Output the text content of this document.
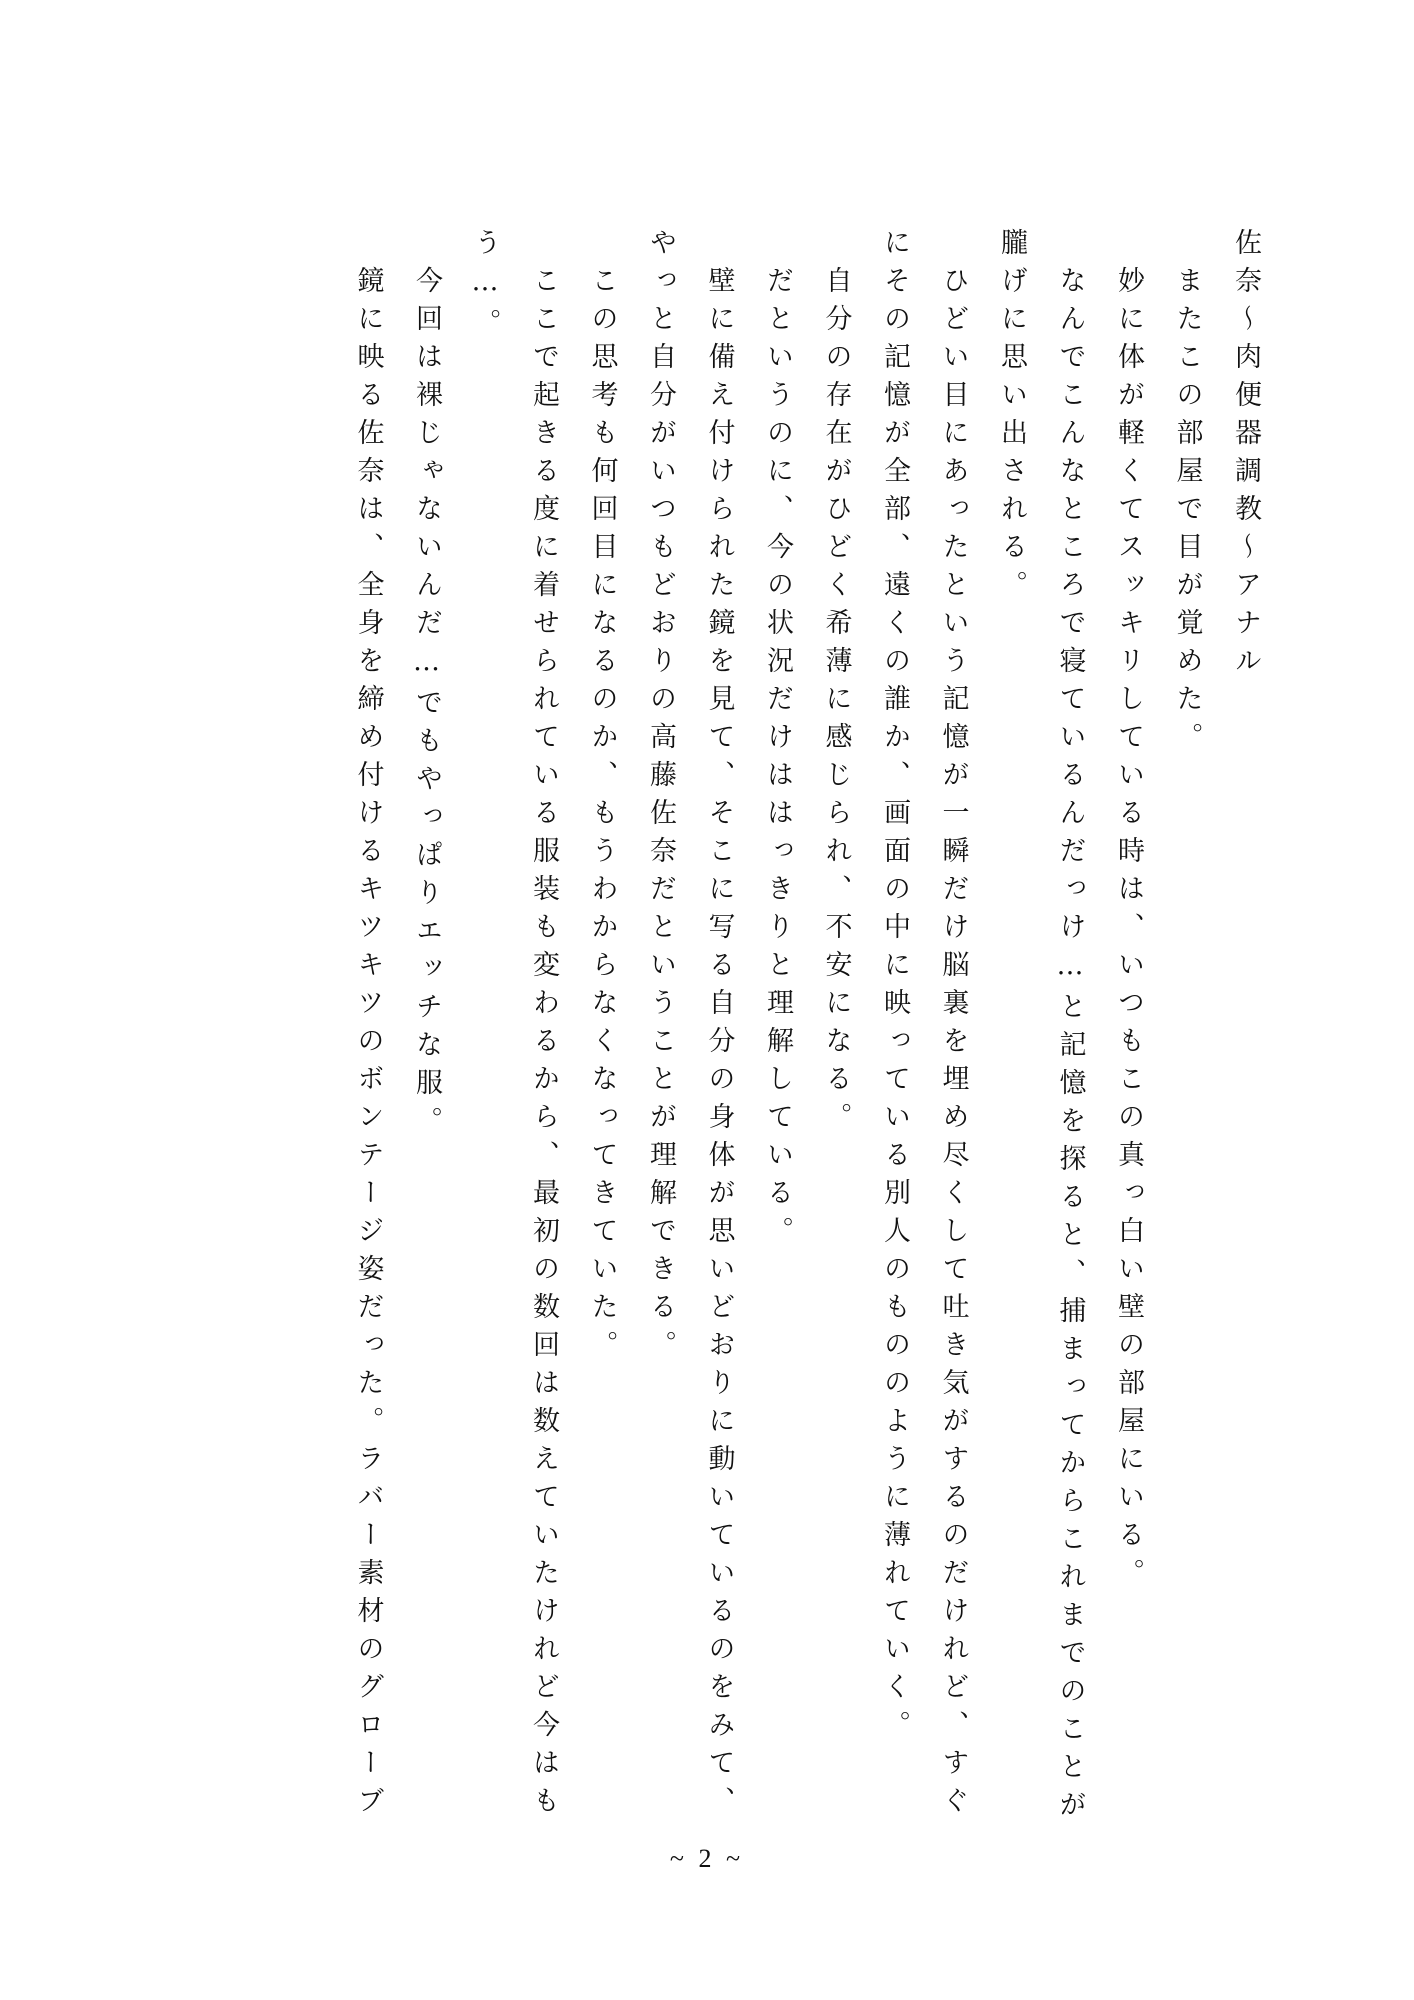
佐奈～肉便器調教～アナル

　またこの部屋で目が覚めた。

　妙に体が軽くてスッキリしている時は、いつもこの真っ白い壁の部屋にいる。

　なんでこんなところで寝ているんだっけ…と記憶を探ると、捕まってからこれまでのことが朧げに思い出される。

　ひどい目にあったという記憶が一瞬だけ脳裏を埋め尽くして吐き気がするのだけれど、すぐにその記憶が全部、遠くの誰か、画面の中に映っている別人のもののように薄れていく。

　自分の存在がひどく希薄に感じられ、不安になる。

　だというのに、今の状況だけははっきりと理解している。

　壁に備え付けられた鏡を見て、そこに写る自分の身体が思いどおりに動いているのをみて、やっと自分がいつもどおりの高藤佐奈だということが理解できる。

　この思考も何回目になるのか、もうわからなくなってきていた。

　ここで起きる度に着せられている服装も変わるから、最初の数回は数えていたけれど今はもう…。

　今回は裸じゃないんだ…でもやっぱりエッチな服。

　鏡に映る佐奈は、全身を締め付けるキツキツのボンテージ姿だった。ラバー素材のグローブ

~ 2 ~
